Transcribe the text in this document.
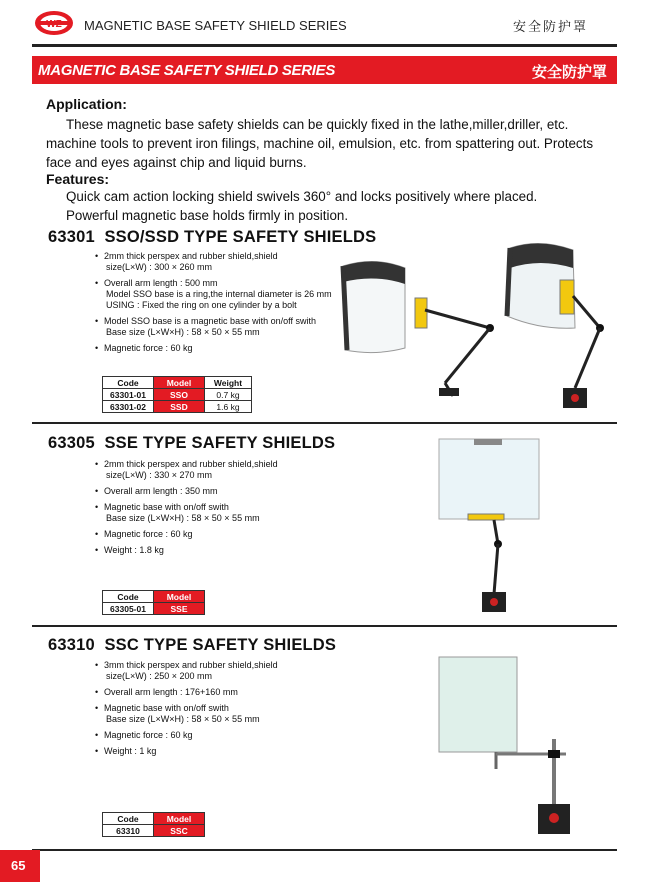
WZ MAGNETIC BASE SAFETY SHIELD SERIES	安全防护罩
MAGNETIC BASE SAFETY SHIELD SERIES	安全防护罩
Application:
These magnetic base safety shields can be quickly fixed in the lathe,miller,driller, etc. machine tools to prevent iron filings, machine oil, emulsion, etc. from spattering out. Protects face and eyes against chip and liquid burns.
Features:
Quick cam action locking shield swivels 360° and locks positively where placed.
Powerful magnetic base holds firmly in position.
63301  SSO/SSD TYPE SAFETY SHIELDS
• 2mm thick perspex and rubber shield,shield
size(L×W) : 300 × 260 mm
• Overall arm length : 500 mm
Model SSO base is a ring,the internal diameter is 26 mm
USING : Fixed the ring on one cylinder by a bolt
• Model SSO base is a magnetic base with on/off swith
Base size (L×W×H) : 58 × 50 × 55 mm
• Magnetic force : 60 kg
Code	Model	Weight
63301-01	SSO	0.7 kg
63301-02	SSD	1.6 kg
63305  SSE TYPE SAFETY SHIELDS
• 2mm thick perspex and rubber shield,shield
size(L×W) : 330 × 270 mm
• Overall arm length : 350 mm
• Magnetic base with on/off swith
Base size (L×W×H) : 58 × 50 × 55 mm
• Magnetic force : 60 kg
• Weight : 1.8 kg
Code	Model
63305-01	SSE
63310  SSC TYPE SAFETY SHIELDS
• 3mm thick perspex and rubber shield,shield
size(L×W) : 250 × 200 mm
• Overall arm length : 176+160 mm
• Magnetic base with on/off swith
Base size (L×W×H) : 58 × 50 × 55 mm
• Magnetic force : 60 kg
• Weight : 1 kg
Code	Model
63310	SSC
65
